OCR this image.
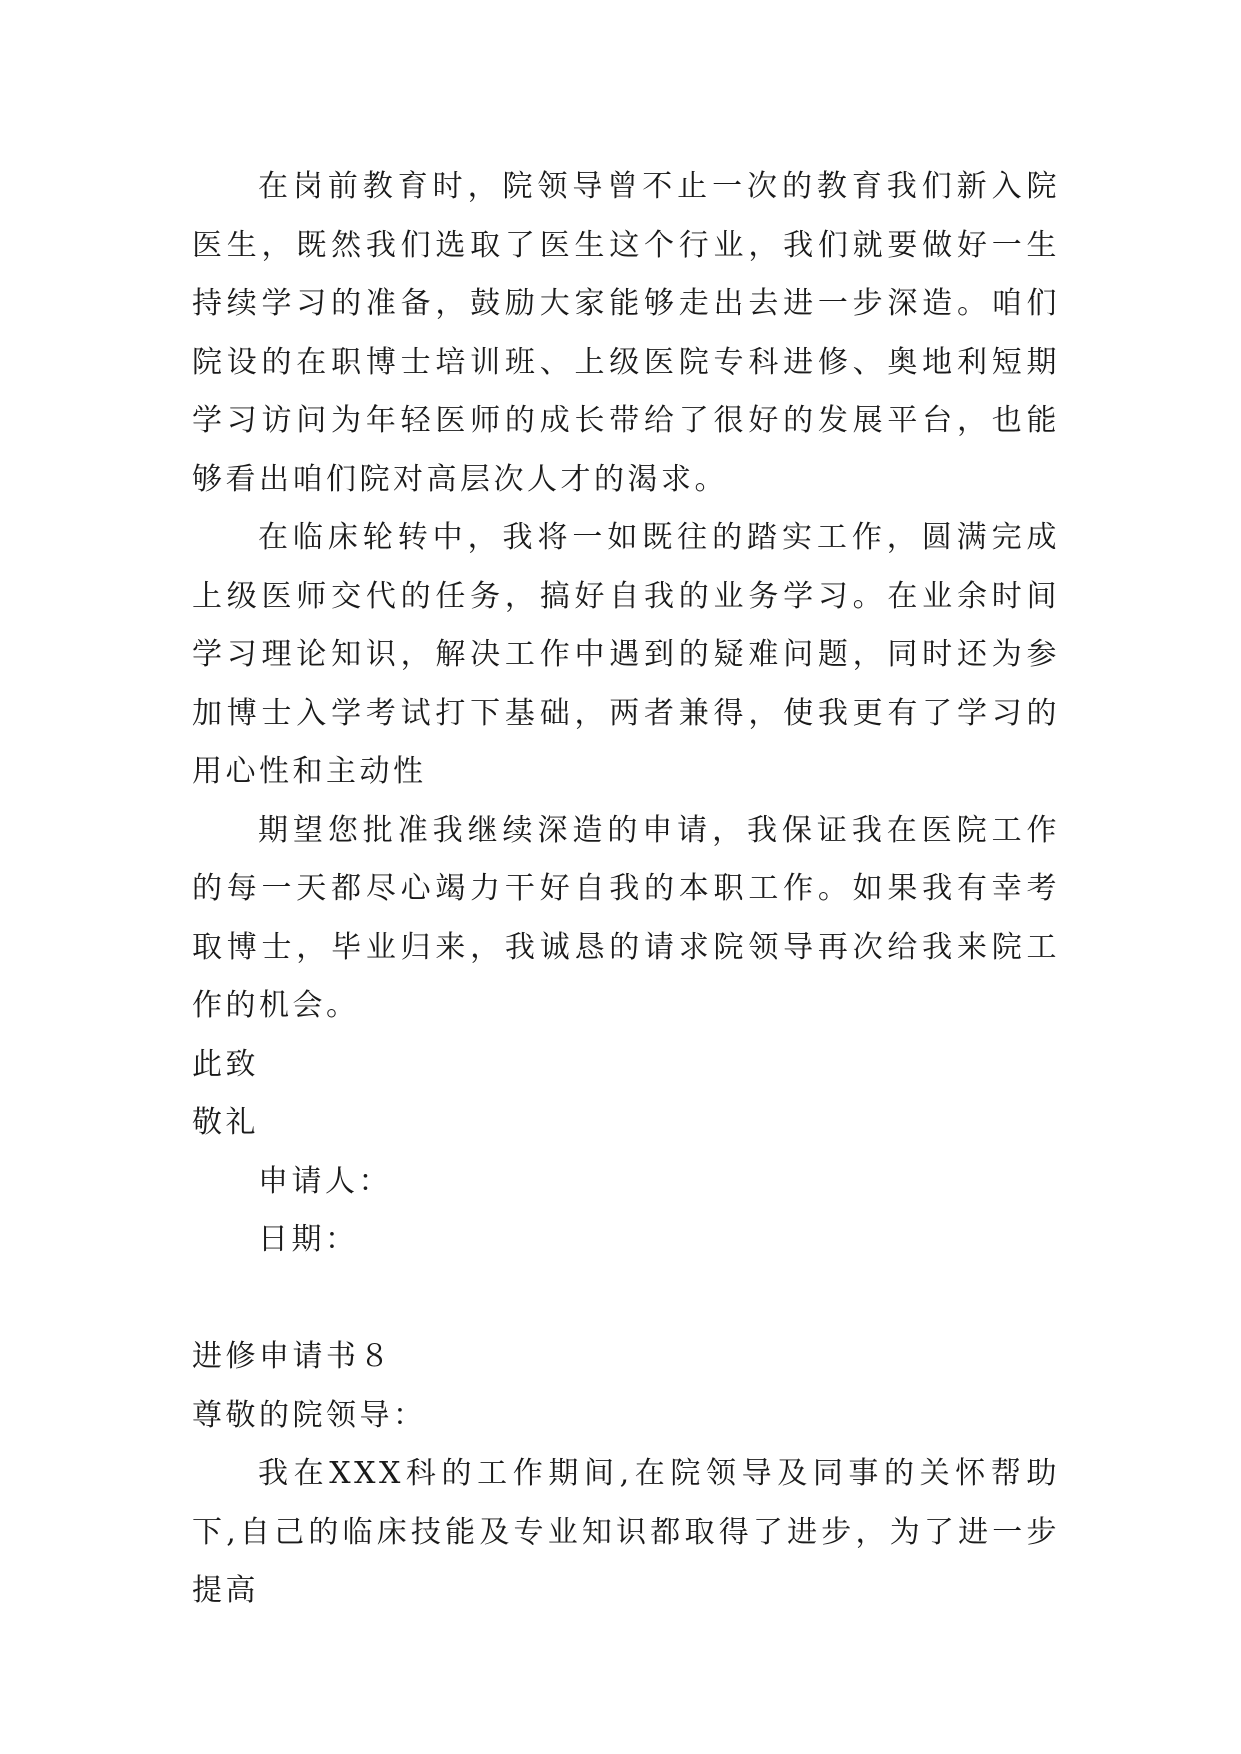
在岗前教育时，院领导曾不止一次的教育我们新入院医生，既然我们选取了医生这个行业，我们就要做好一生持续学习的准备，鼓励大家能够走出去进一步深造。咱们院设的在职博士培训班、上级医院专科进修、奥地利短期学习访问为年轻医师的成长带给了很好的发展平台，也能够看出咱们院对高层次人才的渴求。

在临床轮转中，我将一如既往的踏实工作，圆满完成上级医师交代的任务，搞好自我的业务学习。在业余时间学习理论知识，解决工作中遇到的疑难问题，同时还为参加博士入学考试打下基础，两者兼得，使我更有了学习的用心性和主动性

期望您批准我继续深造的申请，我保证我在医院工作的每一天都尽心竭力干好自我的本职工作。如果我有幸考取博士，毕业归来，我诚恳的请求院领导再次给我来院工作的机会。

此致

敬礼

申请人：

日期：

进修申请书８

尊敬的院领导：

我在XXX科的工作期间,在院领导及同事的关怀帮助下,自己的临床技能及专业知识都取得了进步，为了进一步提高
